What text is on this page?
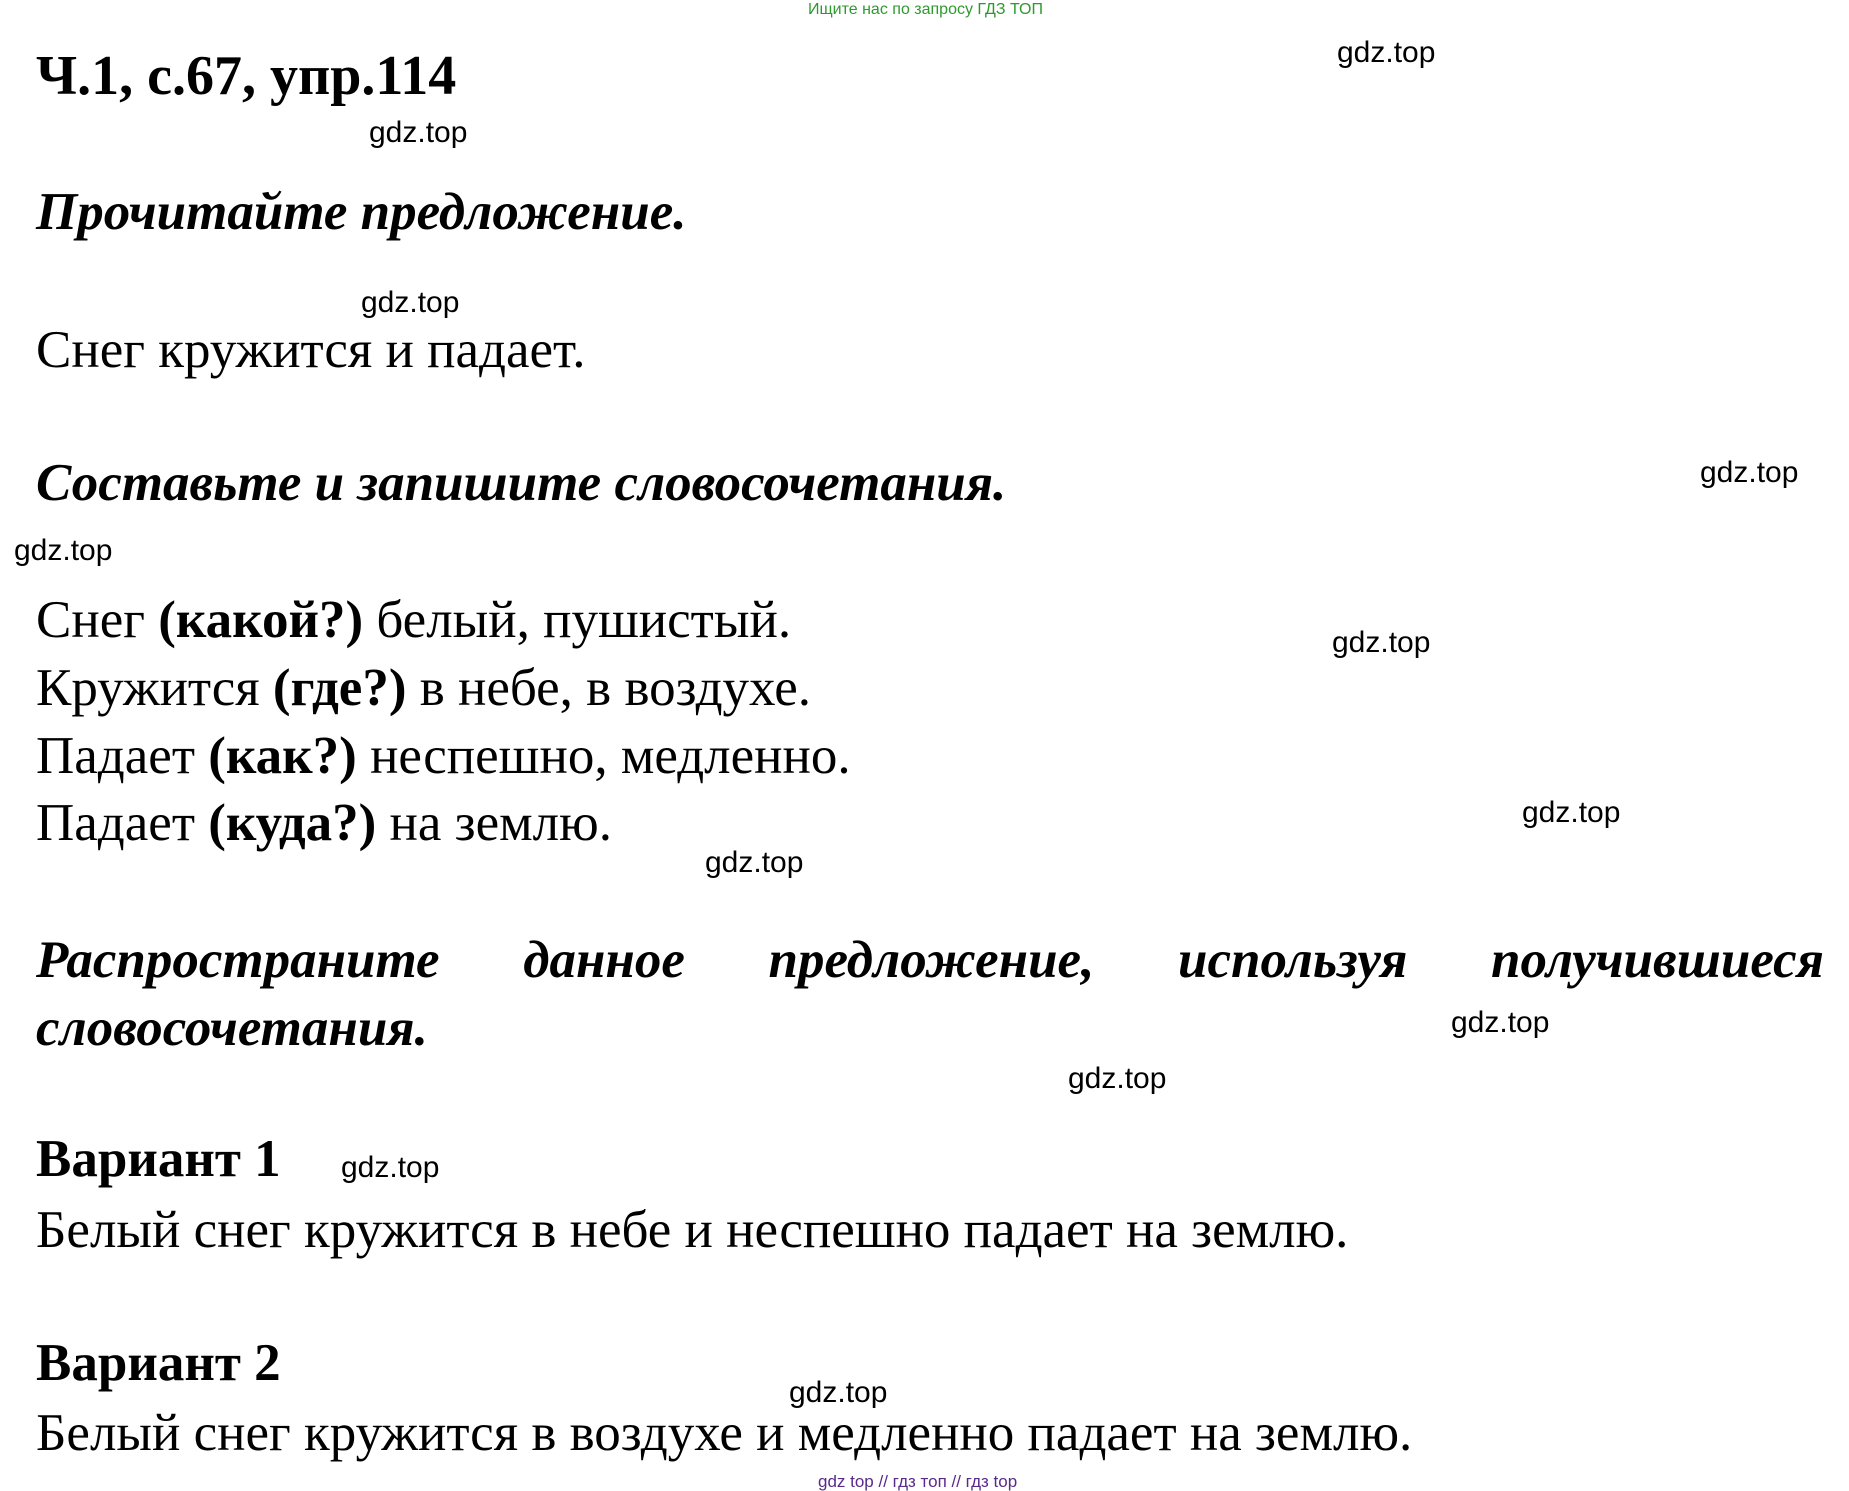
Ищите нас по запросу ГДЗ ТОП
Ч.1, с.67, упр.114
Прочитайте предложение.
Снег кружится и падает.
Составьте и запишите словосочетания.
Снег (какой?) белый, пушистый.
Кружится (где?) в небе, в воздухе.
Падает (как?) неспешно, медленно.
Падает (куда?) на землю.
Распространите данное предложение, используя получившиеся
словосочетания.
Вариант 1
Белый снег кружится в небе и неспешно падает на землю.
Вариант 2
Белый снег кружится в воздухе и медленно падает на землю.
gdz.top
gdz.top
gdz.top
gdz.top
gdz.top
gdz.top
gdz.top
gdz.top
gdz.top
gdz.top
gdz.top
gdz.top
gdz top // гдз топ // гдз top
